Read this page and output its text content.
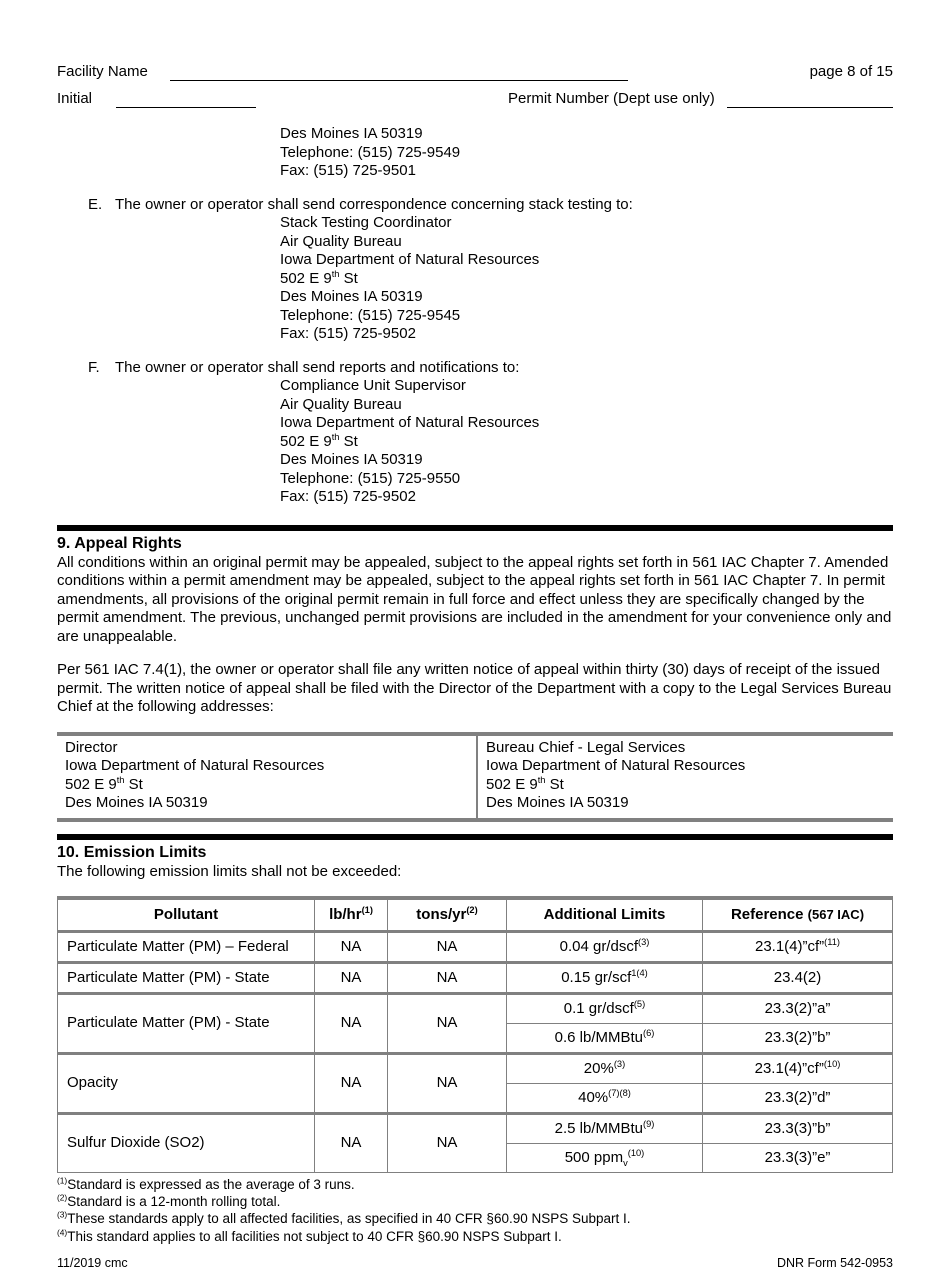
Facility Name	page 8 of 15
Initial	Permit Number (Dept use only)
Des Moines IA 50319
Telephone: (515) 725-9549
Fax: (515) 725-9501
E. The owner or operator shall send correspondence concerning stack testing to:
Stack Testing Coordinator
Air Quality Bureau
Iowa Department of Natural Resources
502 E 9th St
Des Moines IA 50319
Telephone: (515) 725-9545
Fax: (515) 725-9502
F.	The owner or operator shall send reports and notifications to:
Compliance Unit Supervisor
Air Quality Bureau
Iowa Department of Natural Resources
502 E 9th St
Des Moines IA 50319
Telephone: (515) 725-9550
Fax: (515) 725-9502
9. Appeal Rights

All conditions within an original permit may be appealed, subject to the appeal rights set forth in 561 IAC Chapter 7. Amended conditions within a permit amendment may be appealed, subject to the appeal rights set forth in 561 IAC Chapter 7. In permit amendments, all provisions of the original permit remain in full force and effect unless they are specifically changed by the permit amendment. The previous, unchanged permit provisions are included in the amendment for your convenience only and are unappealable.

Per 561 IAC 7.4(1), the owner or operator shall file any written notice of appeal within thirty (30) days of receipt of the issued permit. The written notice of appeal shall be filed with the Director of the Department with a copy to the Legal Services Bureau Chief at the following addresses:

Director
Iowa Department of Natural Resources
502 E 9th St
Des Moines IA 50319
Bureau Chief - Legal Services
Iowa Department of Natural Resources
502 E 9th St
Des Moines IA 50319
10. Emission Limits
The following emission limits shall not be exceeded:
Pollutant	$lb/hr^{(1)}$	tons/$yr^{(2)}$	Additional Limits	Reference (567 IAC)
Particulate Matter (PM) – Federal	NA	NA	0.04 gr/dscf$^{(3)}$	23.1(4)”cf”$^{(11)}$
Particulate Matter (PM) - State	NA	NA	0.15 gr/scf$^{1(4)}$	23.4(2)
Particulate Matter (PM) - State	NA	NA	0.1 gr/dscf$^{(5)}$	23.3(2)”a”
			0.6 lb/MMBtu$^{(6)}$	23.3(2)”b”
Opacity	NA	NA	20%$^{(3)}$	23.1(4)”cf”$^{(10)}$
			40%$^{(7)(8)}$	23.3(2)”d”
Sulfur Dioxide (SO2)	NA	NA	2.5 lb/MMBtu$^{(9)}$	23.3(3)”b”
			500 ppm$_v^{(10)}$	23.3(3)”e”
$^{(1)}$Standard is expressed as the average of 3 runs.
$^{(2)}$Standard is a 12-month rolling total.
$^{(3)}$These standards apply to all affected facilities, as specified in 40 CFR §60.90 NSPS Subpart I.
$^{(4)}$This standard applies to all facilities not subject to 40 CFR §60.90 NSPS Subpart I.
11/2019 cmc	DNR Form 542-0953
